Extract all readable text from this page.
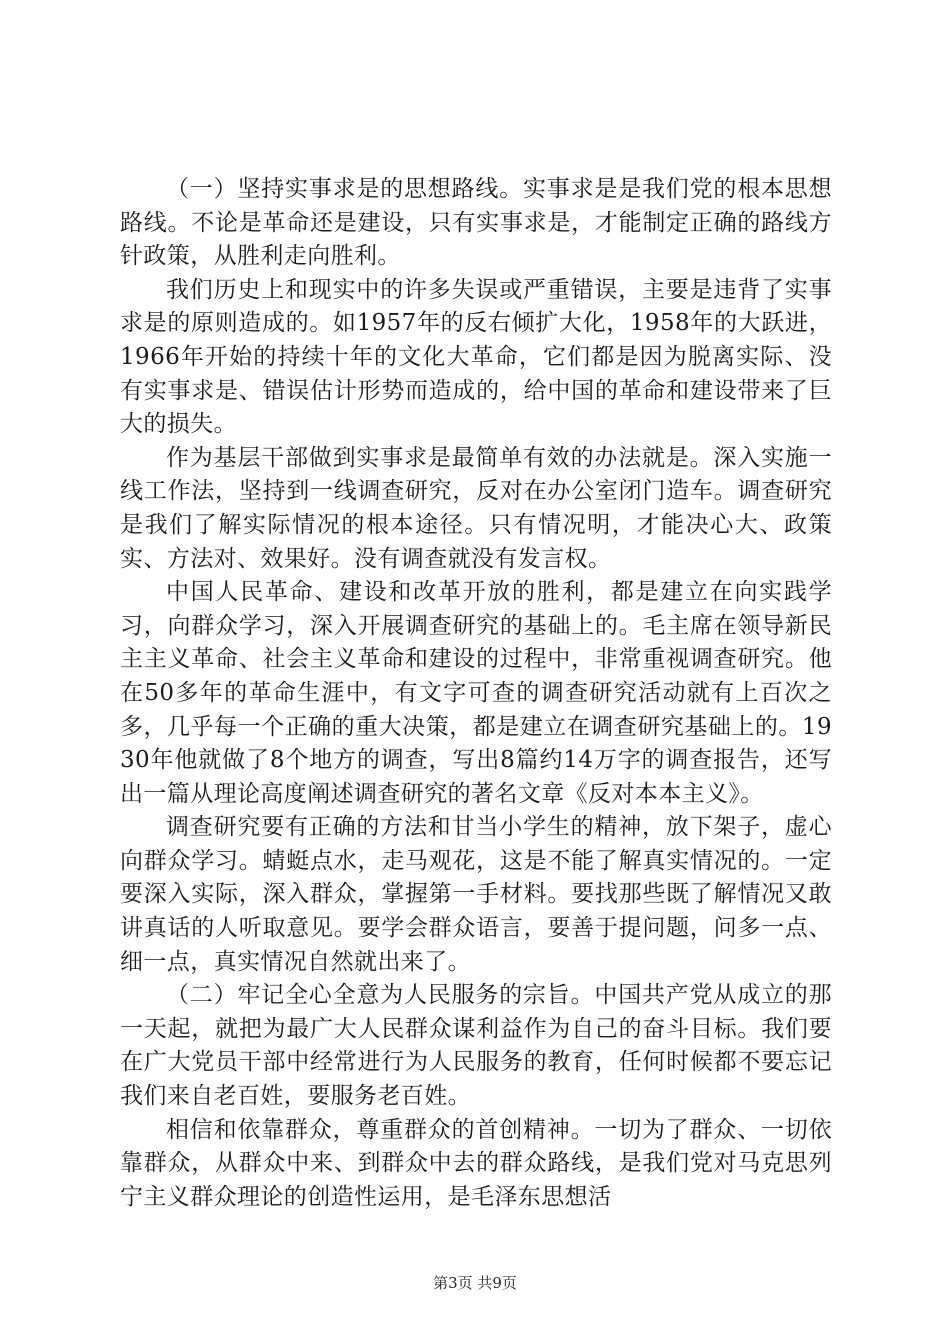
（一）坚持实事求是的思想路线。实事求是是我们党的根本思想路线。不论是革命还是建设，只有实事求是，才能制定正确的路线方针政策，从胜利走向胜利。

我们历史上和现实中的许多失误或严重错误，主要是违背了实事求是的原则造成的。如1957年的反右倾扩大化，1958年的大跃进，1966年开始的持续十年的文化大革命，它们都是因为脱离实际、没有实事求是、错误估计形势而造成的，给中国的革命和建设带来了巨大的损失。

作为基层干部做到实事求是最简单有效的办法就是。深入实施一线工作法，坚持到一线调查研究，反对在办公室闭门造车。调查研究是我们了解实际情况的根本途径。只有情况明，才能决心大、政策实、方法对、效果好。没有调查就没有发言权。

中国人民革命、建设和改革开放的胜利，都是建立在向实践学习，向群众学习，深入开展调查研究的基础上的。毛主席在领导新民主主义革命、社会主义革命和建设的过程中，非常重视调查研究。他在50多年的革命生涯中，有文字可查的调查研究活动就有上百次之多，几乎每一个正确的重大决策，都是建立在调查研究基础上的。1930年他就做了8个地方的调查，写出8篇约14万字的调查报告，还写出一篇从理论高度阐述调查研究的著名文章《反对本本主义》。

调查研究要有正确的方法和甘当小学生的精神，放下架子，虚心向群众学习。蜻蜓点水，走马观花，这是不能了解真实情况的。一定要深入实际，深入群众，掌握第一手材料。要找那些既了解情况又敢讲真话的人听取意见。要学会群众语言，要善于提问题，问多一点、细一点，真实情况自然就出来了。

（二）牢记全心全意为人民服务的宗旨。中国共产党从成立的那一天起，就把为最广大人民群众谋利益作为自己的奋斗目标。我们要在广大党员干部中经常进行为人民服务的教育，任何时候都不要忘记我们来自老百姓，要服务老百姓。

相信和依靠群众，尊重群众的首创精神。一切为了群众、一切依靠群众，从群众中来、到群众中去的群众路线，是我们党对马克思列宁主义群众理论的创造性运用，是毛泽东思想活

第3页 共9页
